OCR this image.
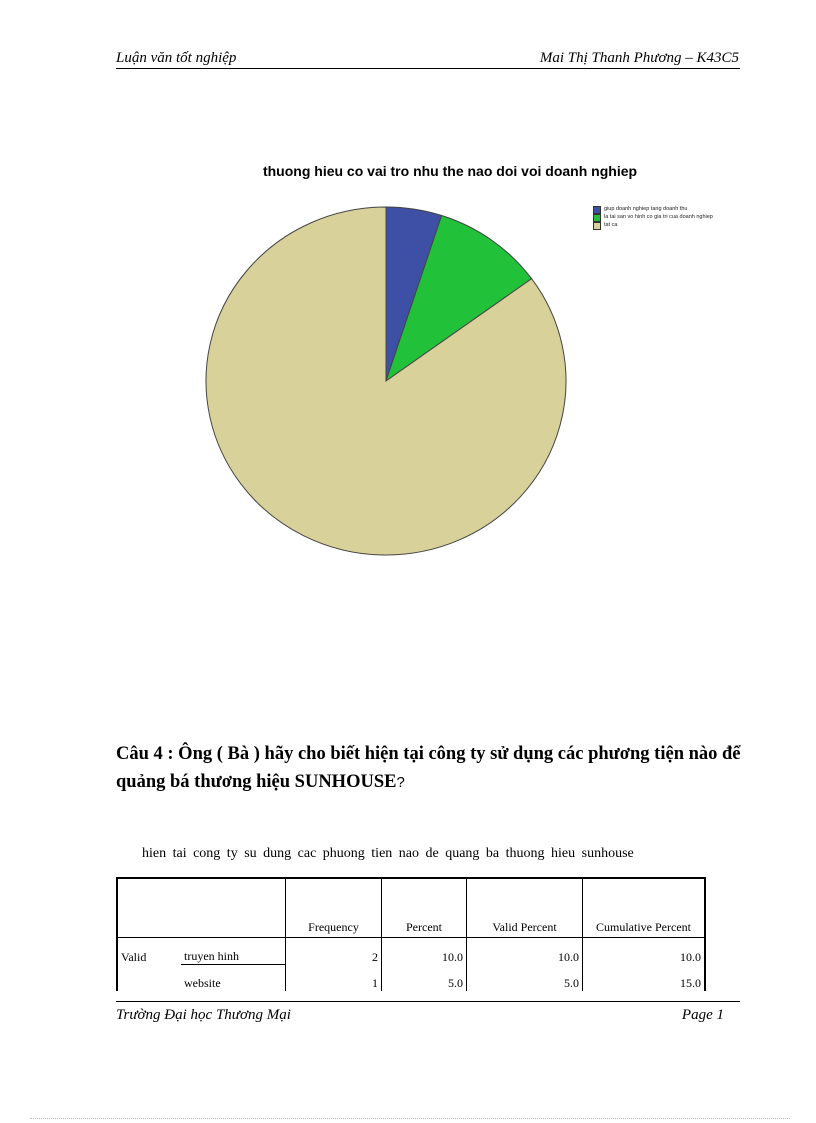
Luận văn tốt nghiệp	Mai Thị Thanh Phương – K43C5
thuong hieu co vai tro nhu the nao doi voi doanh nghiep
giup doanh nghiep tang doanh thu
la tai san vo hinh co gia tri cua doanh nghiep
tat ca
Câu 4 : Ông ( Bà ) hãy cho biết hiện tại công ty sử dụng các phương tiện nào để quảng bá thương hiệu SUNHOUSE?
hien tai cong ty su dung cac phuong tien nao de quang ba thuong hieu sunhouse
		Frequency	Percent	Valid Percent	Cumulative Percent
Valid	truyen hinh	2	10.0	10.0	10.0
	website	1	5.0	5.0	15.0
Trường Đại học Thương Mại	Page 1
